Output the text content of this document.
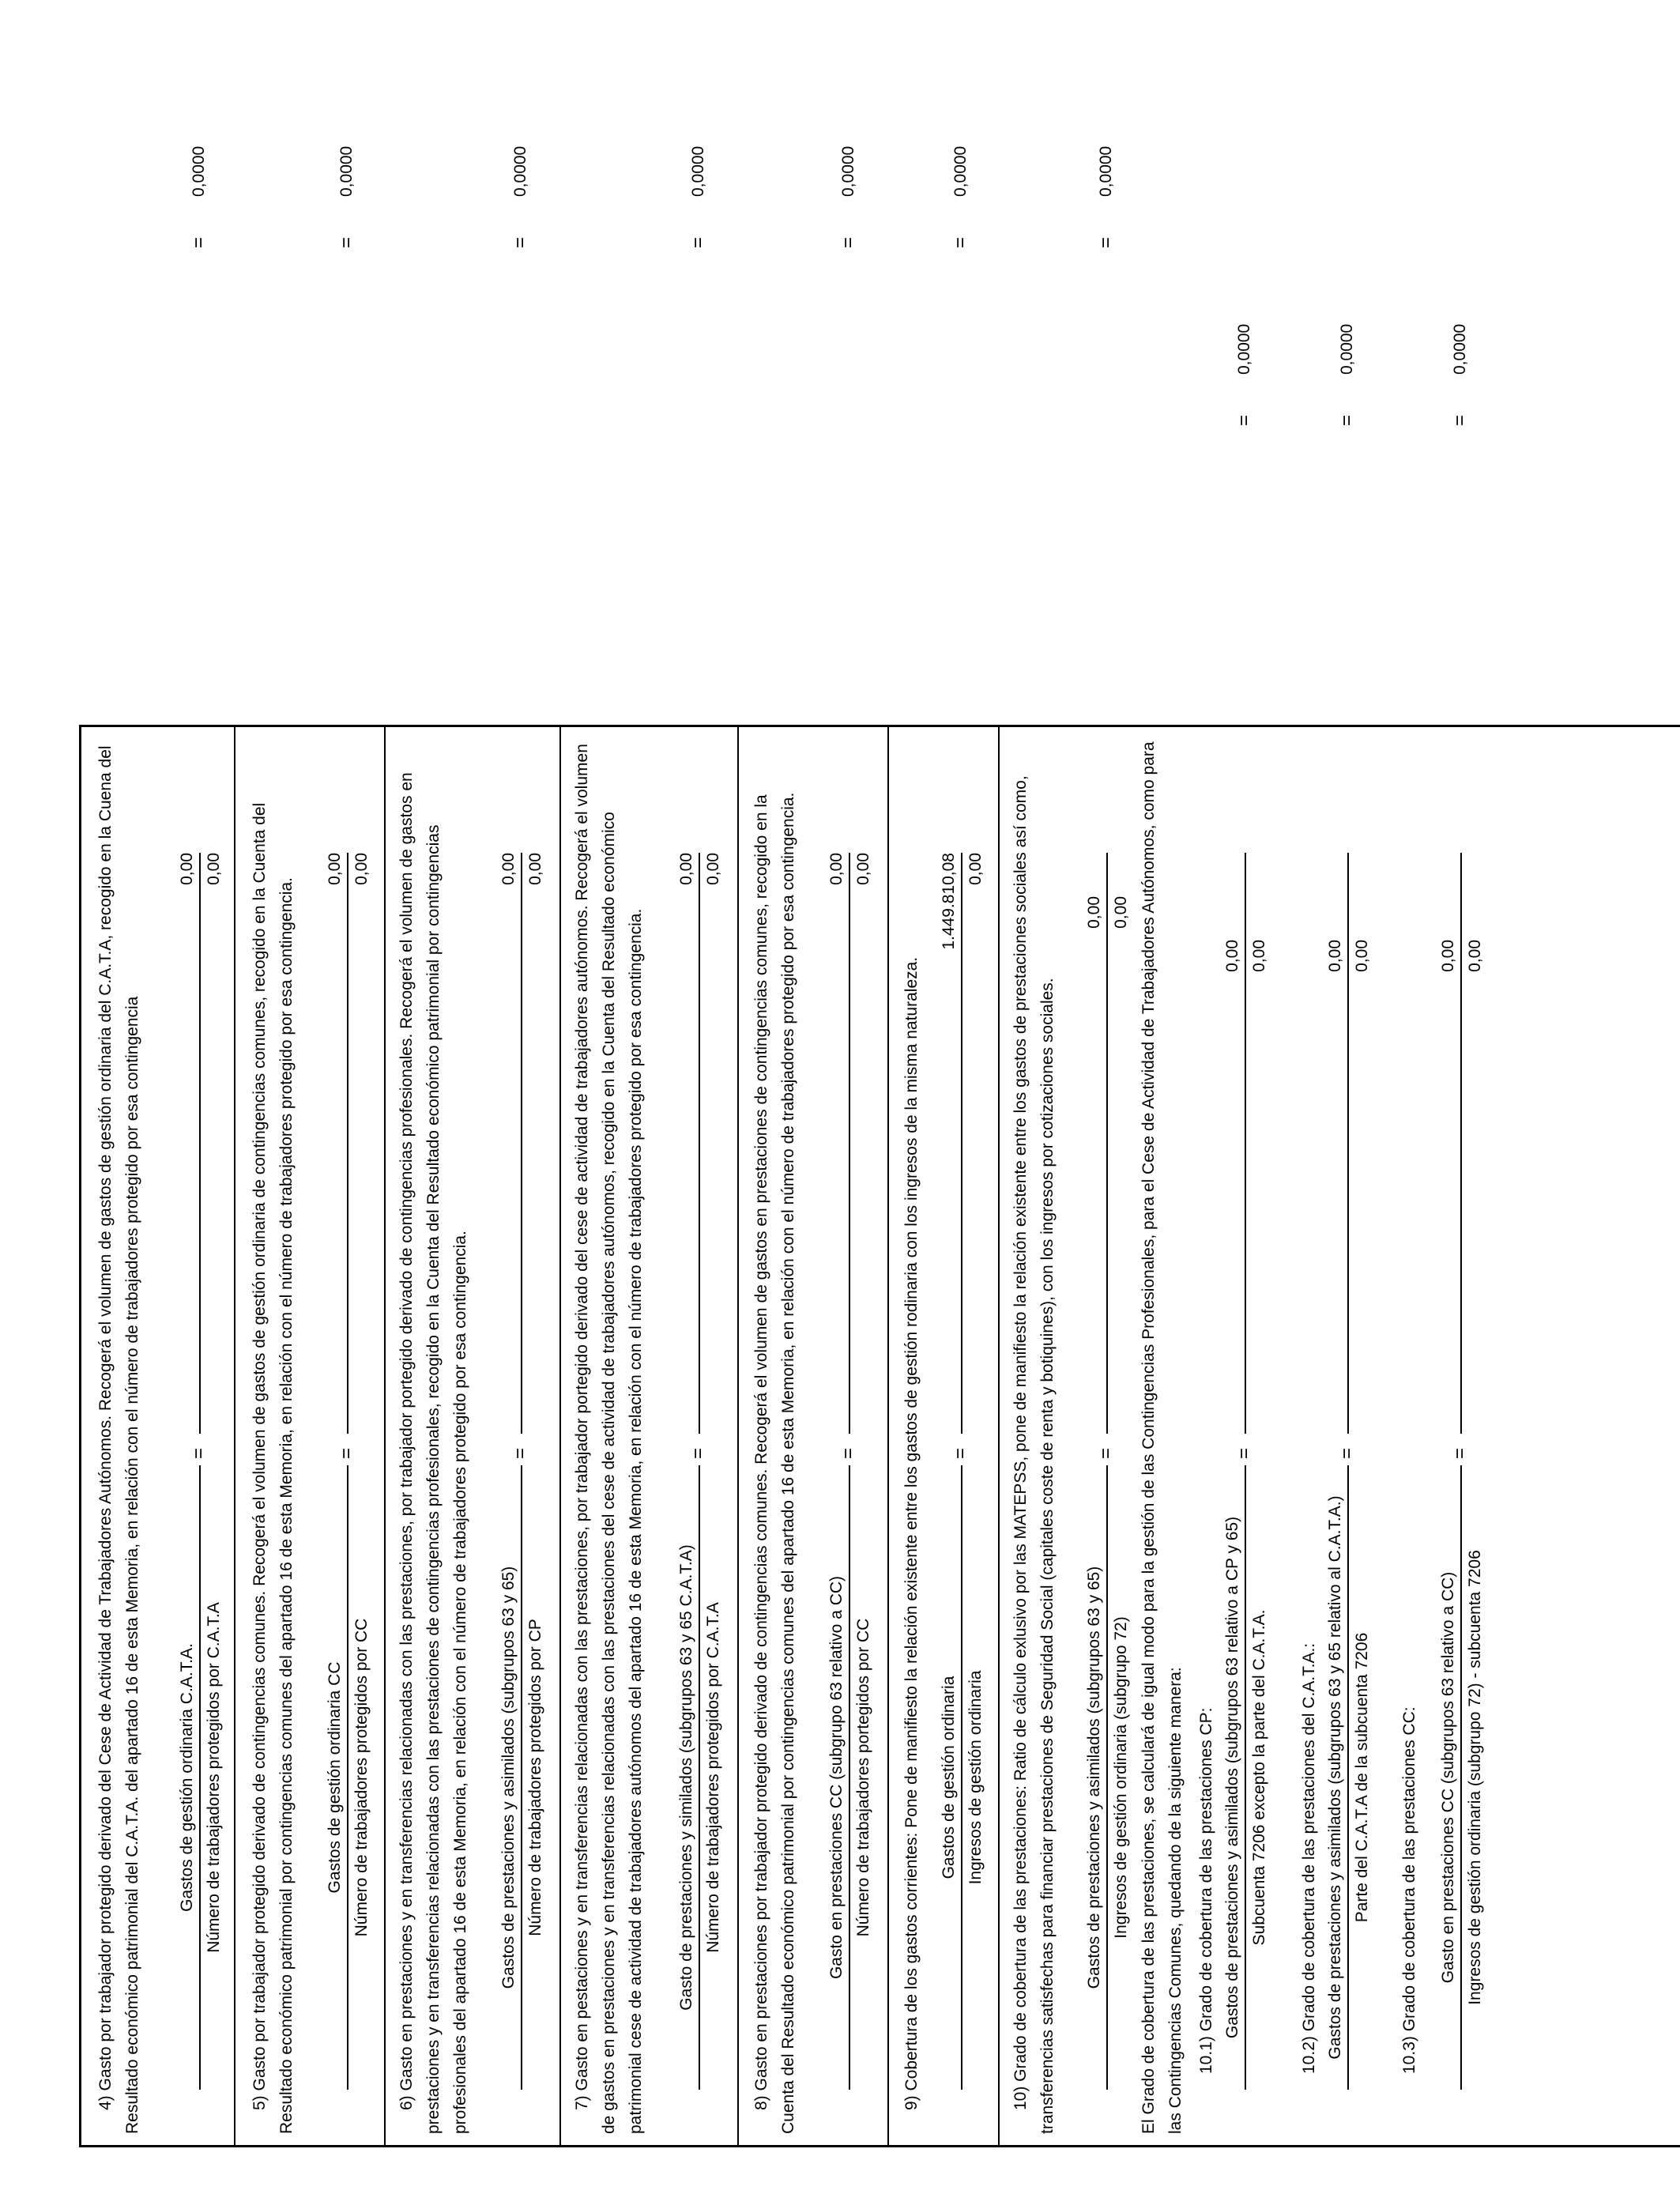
4) Gasto por trabajador protegido derivado del Cese de Actividad de Trabajadores Autónomos. Recogerá el volumen de gastos de gestión ordinaria del C.A.T.A, recogido en la Cuena del Resultado económico patrimonial del C.A.T.A. del apartado 16 de esta Memoria, en relación con el número de trabajadores protegido por esa contingencia Gastos de gestión ordinaria C.A.T.A. Número de trabajadores protegidos por C.A.T.A
=
0,00 0,00
=
0,0000
5) Gasto por trabajador protegido derivado de contingencias comunes. Recogerá el volumen de gastos de gestión ordinaria de contingencias comunes, recogido en la Cuenta del Resultado económico patrimonial por contingencias comunes del apartado 16 de esta Memoria, en relación con el número de trabajadores protegido por esa contingencia. Gastos de gestión ordinaria CC Número de trabajadores protegidos por CC
=
0,00 0,00
=
0,0000
6) Gasto en prestaciones y en transferencias relacionadas con las prestaciones, por trabajador portegido derivado de contingencias profesionales. Recogerá el volumen de gastos en prestaciones y en transferencias relacionadas con las prestaciones de contingencias profesionales, recogido en la Cuenta del Resultado económico patrimonial por contingencias profesionales del apartado 16 de esta Memoria, en relación con el número de trabajadores protegido por esa contingencia. Gastos de prestaciones y asimilados (subgrupos 63 y 65) Número de trabajadores protegidos por CP
=
0,00 0,00
=
0,0000
7) Gasto en pestaciones y en transferencias relacionadas con las prestaciones, por trabajador portegido derivado del cese de actividad de trabajadores autónomos. Recogerá el volumen de gastos en prestaciones y en transferencias relacionadas con las prestaciones del cese de actividad de trabajadores autónomos, recogido en la Cuenta del Resultado económico patrimonial cese de actividad de trabajadores autónomos del apartado 16 de esta Memoria, en relación con el número de trabajadores protegido por esa contingencia. Gasto de prestaciones y similados (subgrupos 63 y 65 C.A.T.A) Número de trabajadores protegidos por C.A.T.A
=
0,00 0,00
=
0,0000
8) Gasto en prestaciones por trabajador protegido derivado de contingencias comunes. Recogerá el volumen de gastos en prestaciones de contingencias comunes, recogido en la Cuenta del Resultado económico patrimonial por contingencias comunes del apartado 16 de esta Memoria, en relación con el número de trabajadores protegido por esa contingencia. Gasto en prestaciones CC (subgrupo 63 relativo a CC) Número de trabajadores portegidos por CC
=
0,00 0,00
=
0,0000
9) Cobertura de los gastos corrientes: Pone de manifiesto la relación existente entre los gastos de gestión rodinaria con los ingresos de la misma naturaleza. Gastos de gestión ordinaria Ingresos de gestión ordinaria
=
1.449.810,08 0,00
=
0,0000
10) Grado de cobertura de las prestaciones: Ratio de cálculo exlusivo por las MATEPSS, pone de manifiesto la relación existente entre los gastos de prestaciones sociales así como, transferencias satisfechas para financiar prestaciones de Seguridad Social (capitales coste de renta y botiquines), con los ingresos por cotizaciones sociales. Gastos de prestaciones y asimilados (subgrupos 63 y 65) Ingresos de gestión ordinaria (subgrupo 72)
=
0,00 0,00
=
0,0000
El Grado de cobertura de las prestaciones, se calculará de igual modo para la gestión de las Contingencias Profesionales, para el Cese de Actividad de Trabajadores Autónomos, como para las Contingencias Comunes, quedando de la siguiente manera: 10.1) Grado de cobertura de las prestaciones CP: Gastos de prestaciones y asimilados (subgrupos 63 relativo a CP y 65) Subcuenta 7206 excepto la parte del C.A.T.A.
=
0,00 0,00
=
0,0000
10.2) Grado de cobertura de las prestaciones del C.A.T.A.: Gastos de prestaciones y asimilados (subgrupos 63 y 65 relativo al C.A.T.A.) Parte del C.A.T.A de la subcuenta 7206
=
0,00 0,00
=
0,0000
10.3) Grado de cobertura de las prestaciones CC: Gasto en prestaciones CC (subgrupos 63 relativo a CC) Ingresos de gestión ordinaria (subgrupo 72) - subcuenta 7206
=
0,00 0,00
=
0,0000
